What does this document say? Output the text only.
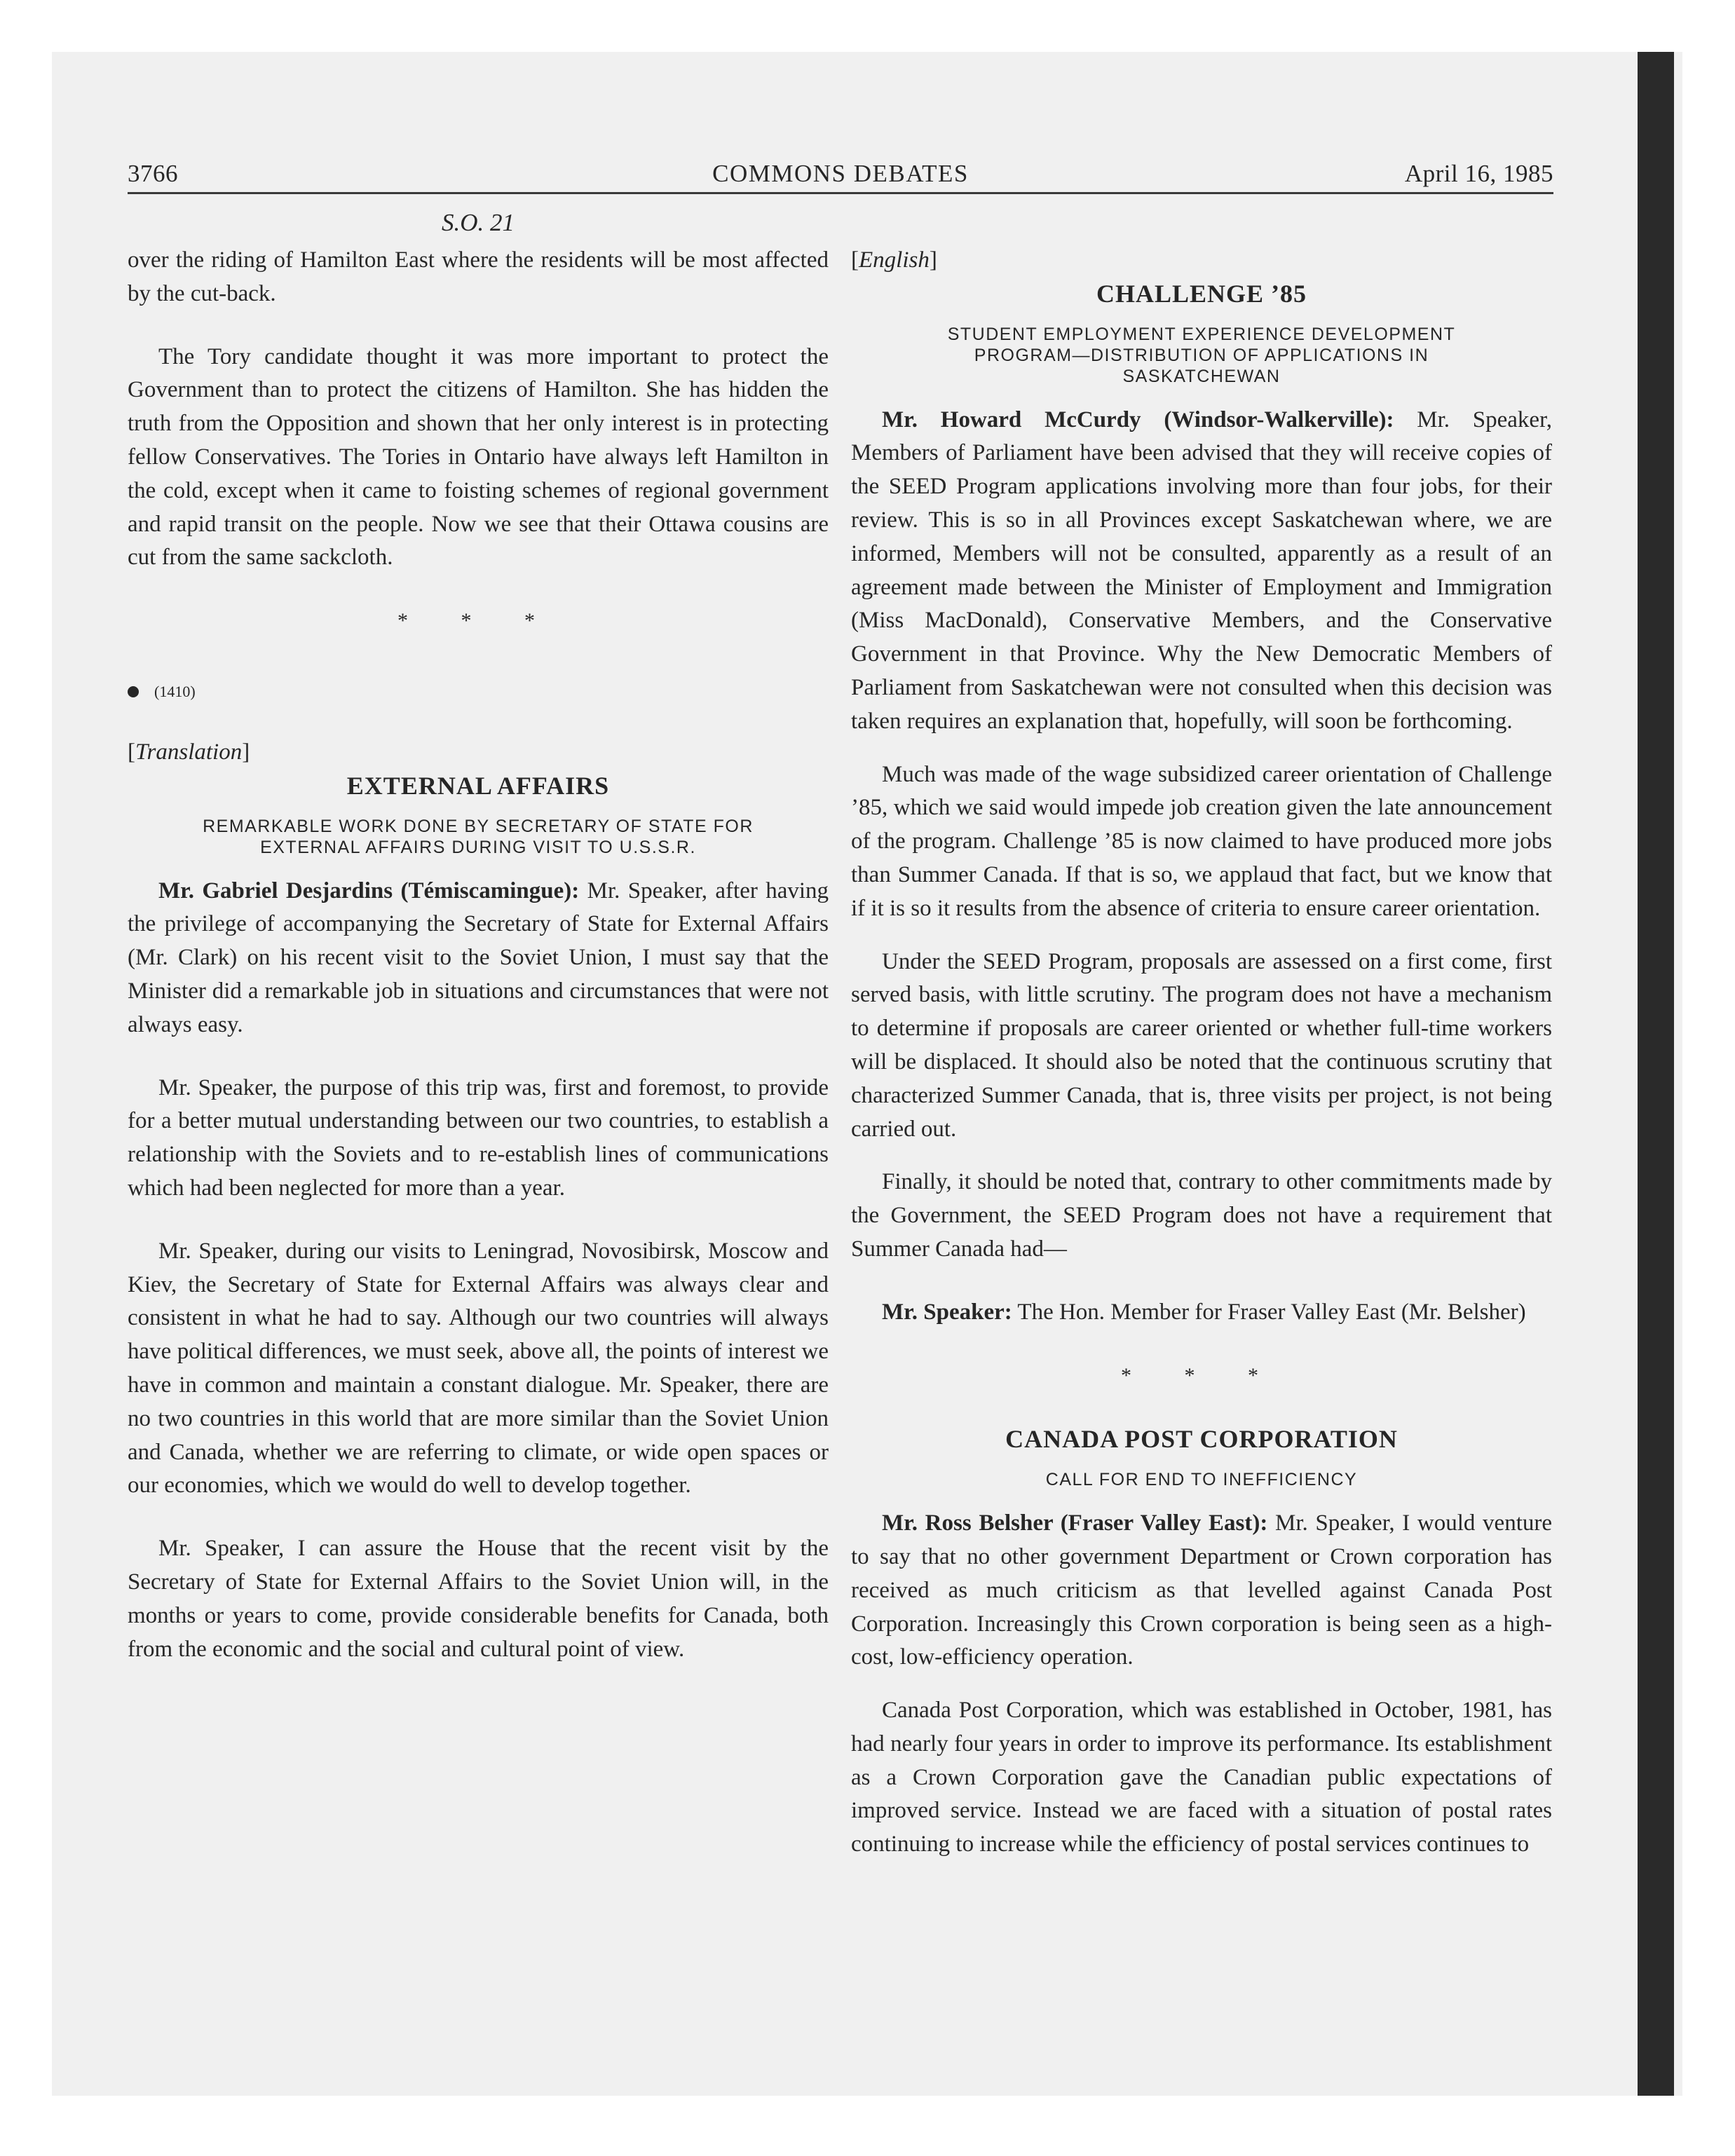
3766	COMMONS DEBATES	April 16, 1985
S.O. 21

over the riding of Hamilton East where the residents will be most affected by the cut-back.

The Tory candidate thought it was more important to protect the Government than to protect the citizens of Hamilton. She has hidden the truth from the Opposition and shown that her only interest is in protecting fellow Conservatives. The Tories in Ontario have always left Hamilton in the cold, except when it came to foisting schemes of regional government and rapid transit on the people. Now we see that their Ottawa cousins are cut from the same sackcloth.

* * *
(1410)

[Translation]

EXTERNAL AFFAIRS

REMARKABLE WORK DONE BY SECRETARY OF STATE FOR EXTERNAL AFFAIRS DURING VISIT TO U.S.S.R.

Mr. Gabriel Desjardins (Témiscamingue): Mr. Speaker, after having the privilege of accompanying the Secretary of State for External Affairs (Mr. Clark) on his recent visit to the Soviet Union, I must say that the Minister did a remarkable job in situations and circumstances that were not always easy.

Mr. Speaker, the purpose of this trip was, first and foremost, to provide for a better mutual understanding between our two countries, to establish a relationship with the Soviets and to re-establish lines of communications which had been neglected for more than a year.

Mr. Speaker, during our visits to Leningrad, Novosibirsk, Moscow and Kiev, the Secretary of State for External Affairs was always clear and consistent in what he had to say. Although our two countries will always have political differences, we must seek, above all, the points of interest we have in common and maintain a constant dialogue. Mr. Speaker, there are no two countries in this world that are more similar than the Soviet Union and Canada, whether we are referring to climate, or wide open spaces or our economies, which we would do well to develop together.

Mr. Speaker, I can assure the House that the recent visit by the Secretary of State for External Affairs to the Soviet Union will, in the months or years to come, provide considerable benefits for Canada, both from the economic and the social and cultural point of view.

[English]

CHALLENGE ’85

STUDENT EMPLOYMENT EXPERIENCE DEVELOPMENT PROGRAM—DISTRIBUTION OF APPLICATIONS IN SASKATCHEWAN

Mr. Howard McCurdy (Windsor-Walkerville): Mr. Speaker, Members of Parliament have been advised that they will receive copies of the SEED Program applications involving more than four jobs, for their review. This is so in all Provinces except Saskatchewan where, we are informed, Members will not be consulted, apparently as a result of an agreement made between the Minister of Employment and Immigration (Miss MacDonald), Conservative Members, and the Conservative Government in that Province. Why the New Democratic Members of Parliament from Saskatchewan were not consulted when this decision was taken requires an explanation that, hopefully, will soon be forthcoming.

Much was made of the wage subsidized career orientation of Challenge ’85, which we said would impede job creation given the late announcement of the program. Challenge ’85 is now claimed to have produced more jobs than Summer Canada. If that is so, we applaud that fact, but we know that if it is so it results from the absence of criteria to ensure career orientation.

Under the SEED Program, proposals are assessed on a first come, first served basis, with little scrutiny. The program does not have a mechanism to determine if proposals are career oriented or whether full-time workers will be displaced. It should also be noted that the continuous scrutiny that characterized Summer Canada, that is, three visits per project, is not being carried out.

Finally, it should be noted that, contrary to other commitments made by the Government, the SEED Program does not have a requirement that Summer Canada had—

Mr. Speaker: The Hon. Member for Fraser Valley East (Mr. Belsher)

* * *

CANADA POST CORPORATION

CALL FOR END TO INEFFICIENCY

Mr. Ross Belsher (Fraser Valley East): Mr. Speaker, I would venture to say that no other government Department or Crown corporation has received as much criticism as that levelled against Canada Post Corporation. Increasingly this Crown corporation is being seen as a high-cost, low-efficiency operation.

Canada Post Corporation, which was established in October, 1981, has had nearly four years in order to improve its performance. Its establishment as a Crown Corporation gave the Canadian public expectations of improved service. Instead we are faced with a situation of postal rates continuing to increase while the efficiency of postal services continues to
